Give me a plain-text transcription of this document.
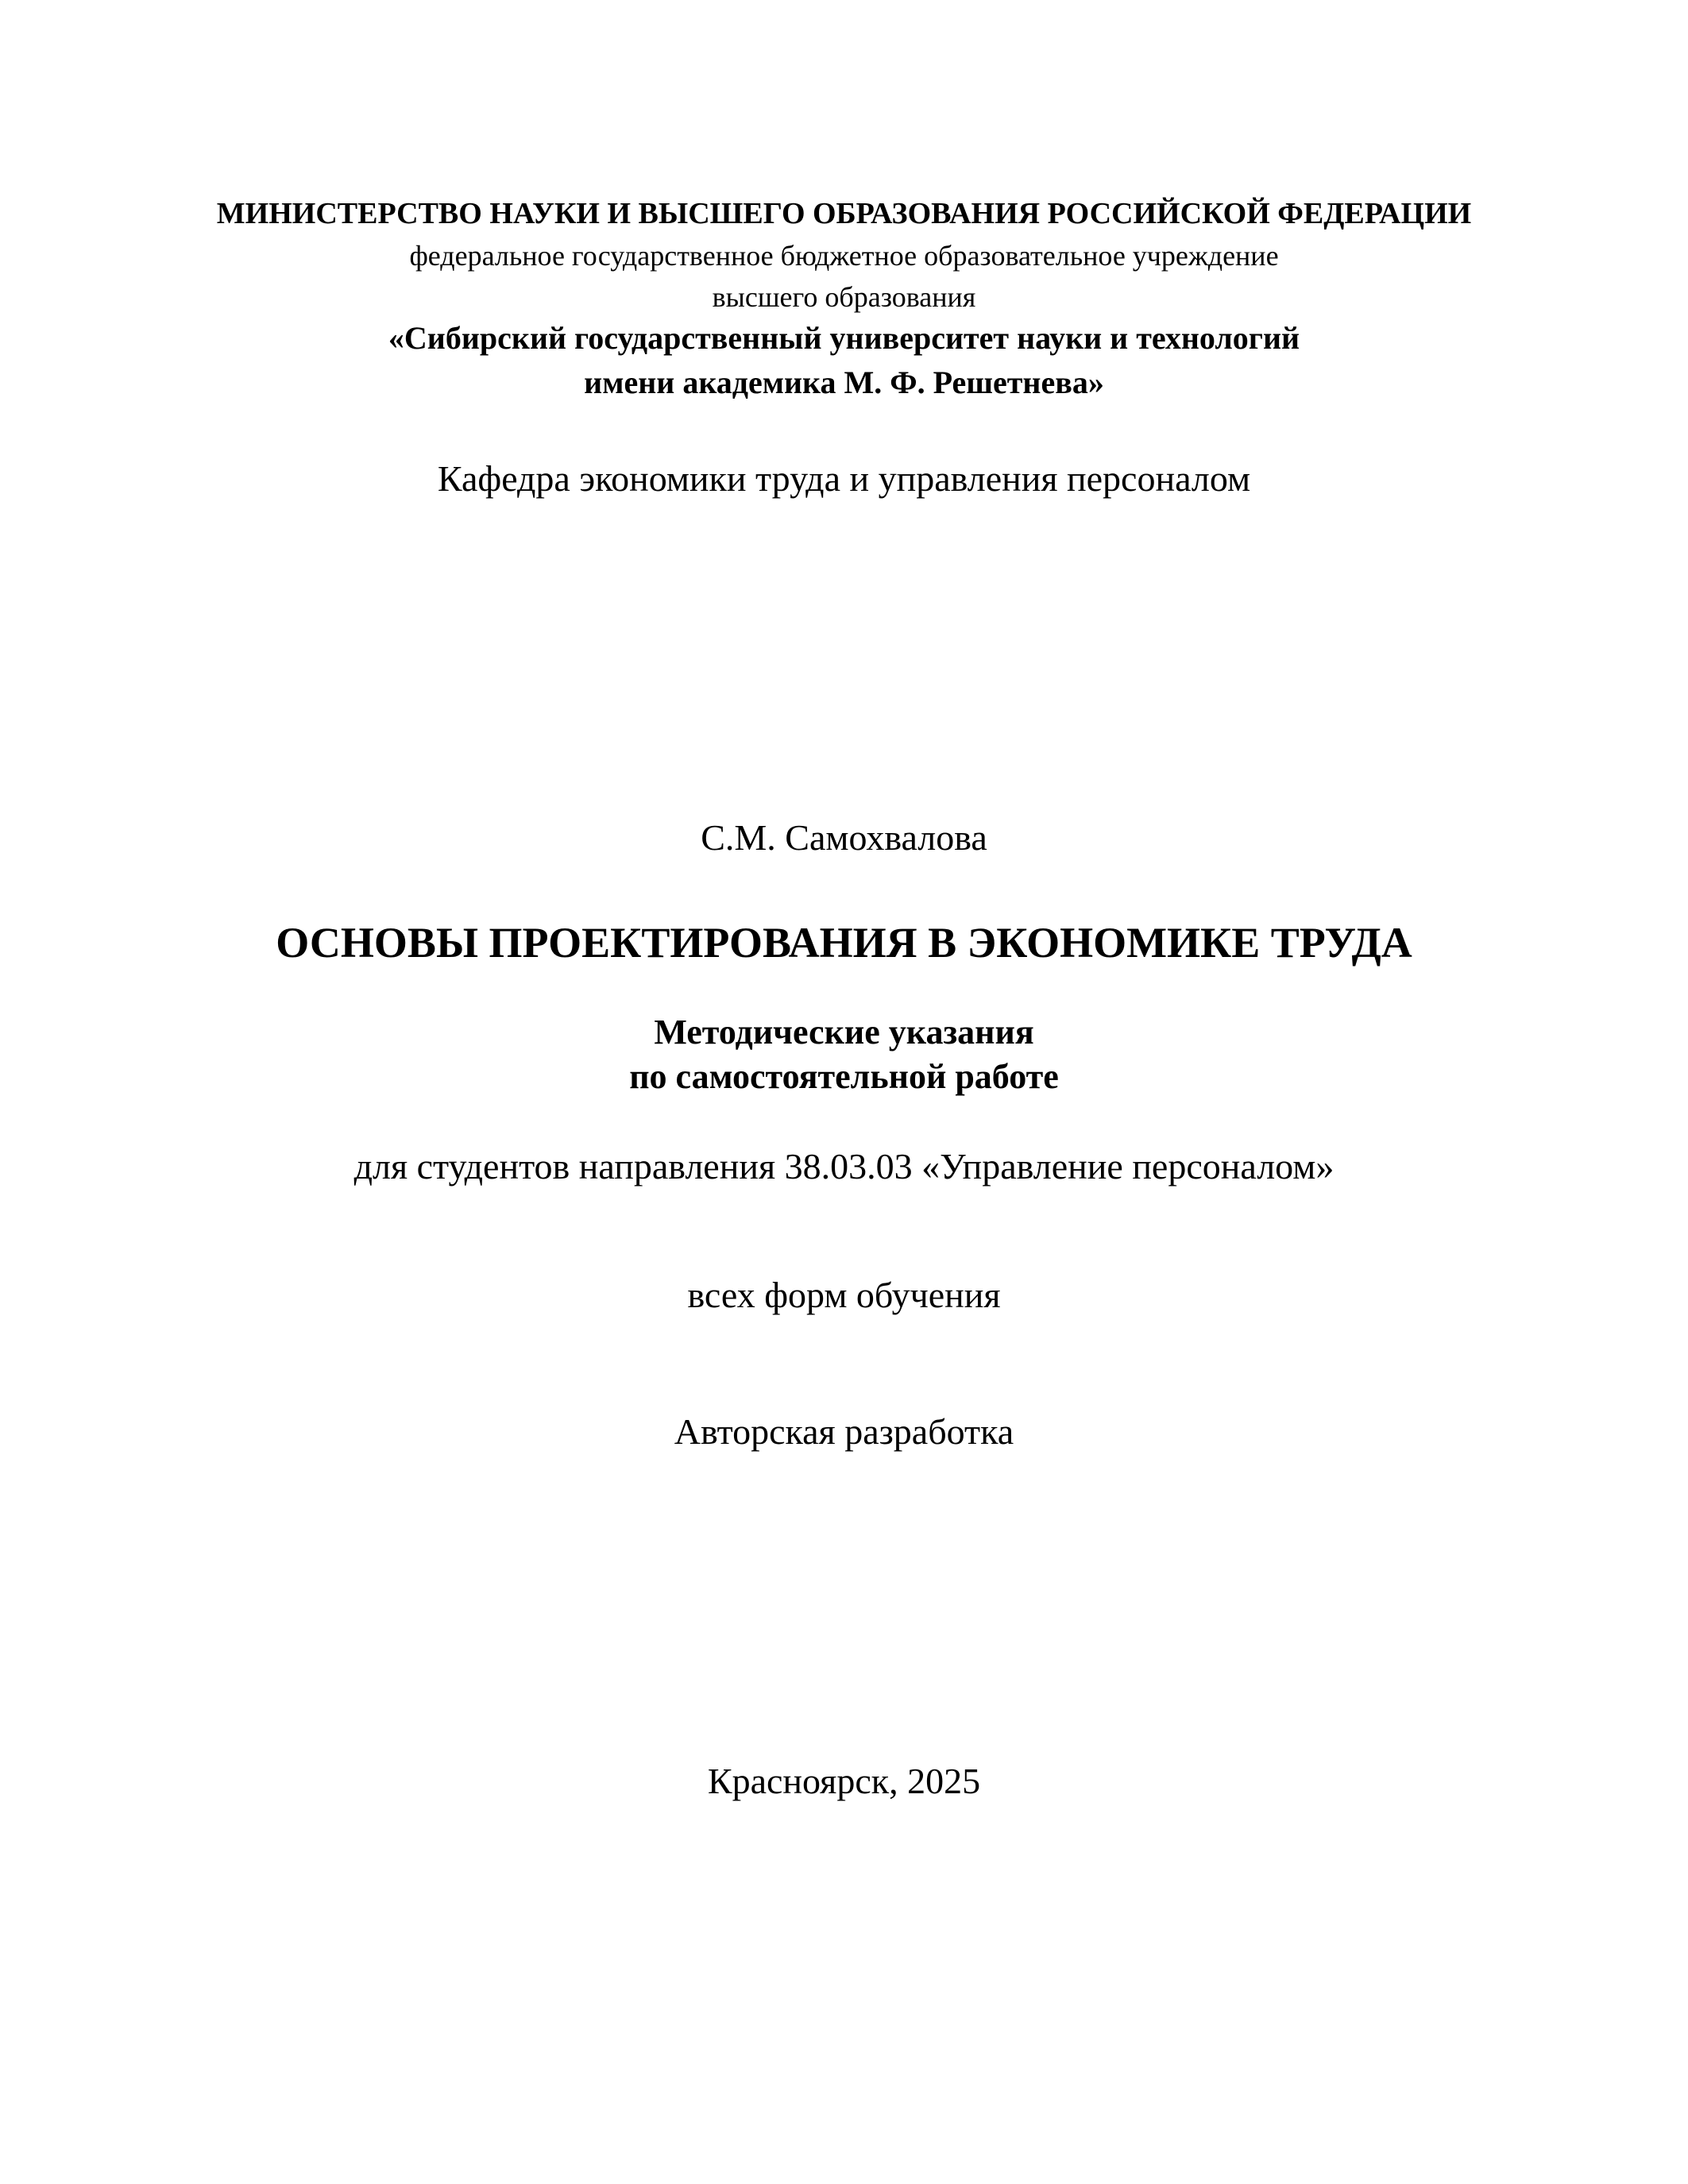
МИНИСТЕРСТВО НАУКИ И ВЫСШЕГО ОБРАЗОВАНИЯ РОССИЙСКОЙ ФЕДЕРАЦИИ
федеральное государственное бюджетное образовательное учреждение
высшего образования
«Сибирский государственный университет науки и технологий
имени академика М. Ф. Решетнева»
Кафедра экономики труда и управления персоналом
С.М. Самохвалова
ОСНОВЫ ПРОЕКТИРОВАНИЯ В ЭКОНОМИКЕ ТРУДА
Методические указания
по самостоятельной работе
для студентов направления 38.03.03 «Управление персоналом»
всех форм обучения
Авторская разработка
Красноярск, 2025
